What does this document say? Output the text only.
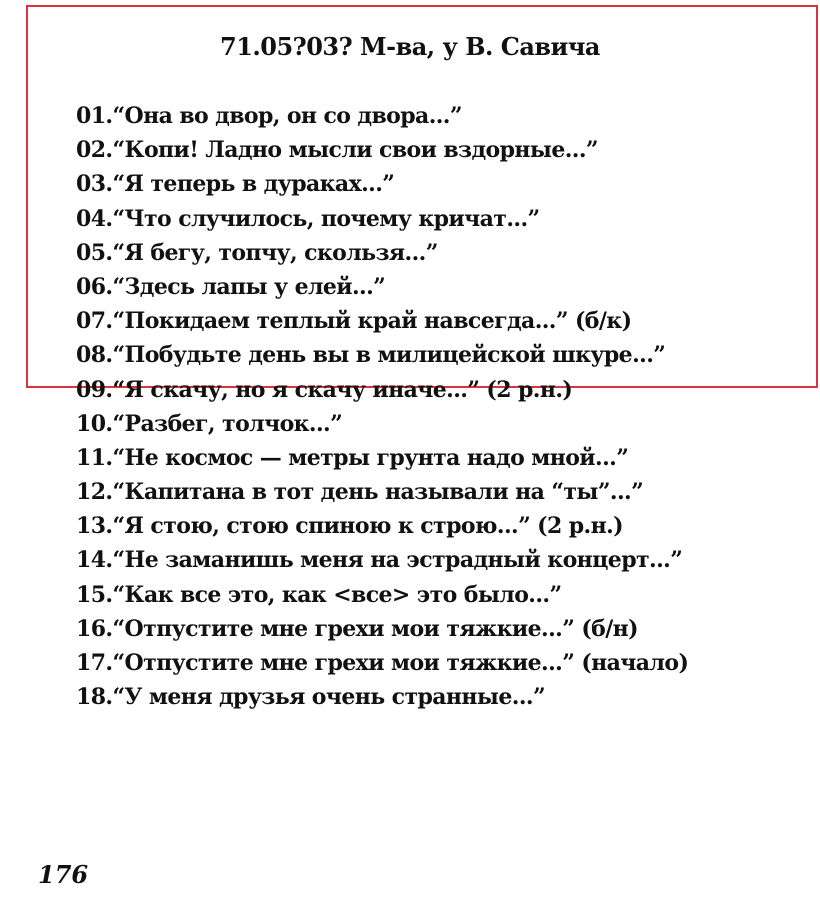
71.05?03? М-ва, у В. Савича
01.“Она во двор, он со двора...”
02.“Копи! Ладно мысли свои вздорные...”
03.“Я теперь в дураках...”
04.“Что случилось, почему кричат...”
05.“Я бегу, топчу, скользя...”
06.“Здесь лапы у елей...”
07.“Покидаем теплый край навсегда...” (б/к)
08.“Побудьте день вы в милицейской шкуре...”
09.“Я скачу, но я скачу иначе...” (2 р.н.)
10.“Разбег, толчок...”
11.“Не космос — метры грунта надо мной...”
12.“Капитана в тот день называли на “ты”...”
13.“Я стою, стою спиною к строю...” (2 р.н.)
14.“Не заманишь меня на эстрадный концерт...”
15.“Как все это, как <все> это было...”
16.“Отпустите мне грехи мои тяжкие...” (б/н)
17.“Отпустите мне грехи мои тяжкие...” (начало)
18.“У меня друзья очень странные...”
176
